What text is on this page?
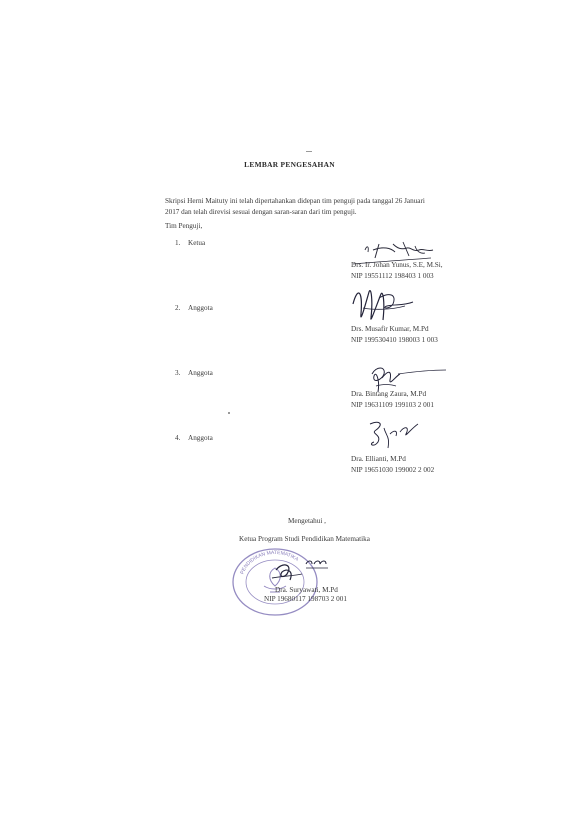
LEMBAR PENGESAHAN
Skripsi Herni Maituty ini telah dipertahankan didepan tim penguji pada tanggal 26 Januari
2017 dan telah direvisi sesuai dengan saran-saran dari tim penguji.
Tim Penguji,
1. Ketua
Drs. Ir. Johan Yunus, S.E, M.Si,
NIP 19551112 198403 1 003
2. Anggota
Drs. Musafir Kumar, M.Pd
NIP 199530410 198003 1 003
3. Anggota
Dra. Bintang Zaura, M.Pd
NIP 19631109 199103 2 001
4. Anggota
Dra. Ellianti, M.Pd
NIP 19651030 199002 2 002
Mengetahui ,
Ketua Program Studi Pendidikan Matematika
PENDIDIKAN MATEMATIKA
Dra. Suryawati, M.Pd
NIP 19680117 198703 2 001
